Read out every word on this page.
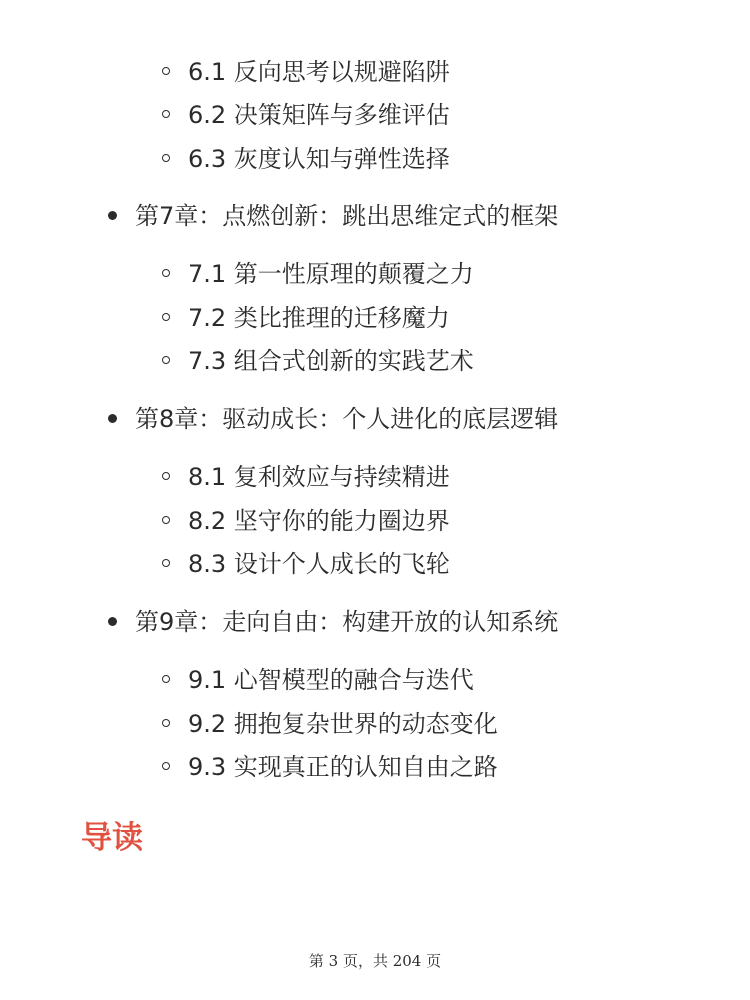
6.1 反向思考以规避陷阱
6.2 决策矩阵与多维评估
6.3 灰度认知与弹性选择
第7章：点燃创新：跳出思维定式的框架
7.1 第一性原理的颠覆之力
7.2 类比推理的迁移魔力
7.3 组合式创新的实践艺术
第8章：驱动成长：个人进化的底层逻辑
8.1 复利效应与持续精进
8.2 坚守你的能力圈边界
8.3 设计个人成长的飞轮
第9章：走向自由：构建开放的认知系统
9.1 心智模型的融合与迭代
9.2 拥抱复杂世界的动态变化
9.3 实现真正的认知自由之路
导读
第 3 页，共 204 页
